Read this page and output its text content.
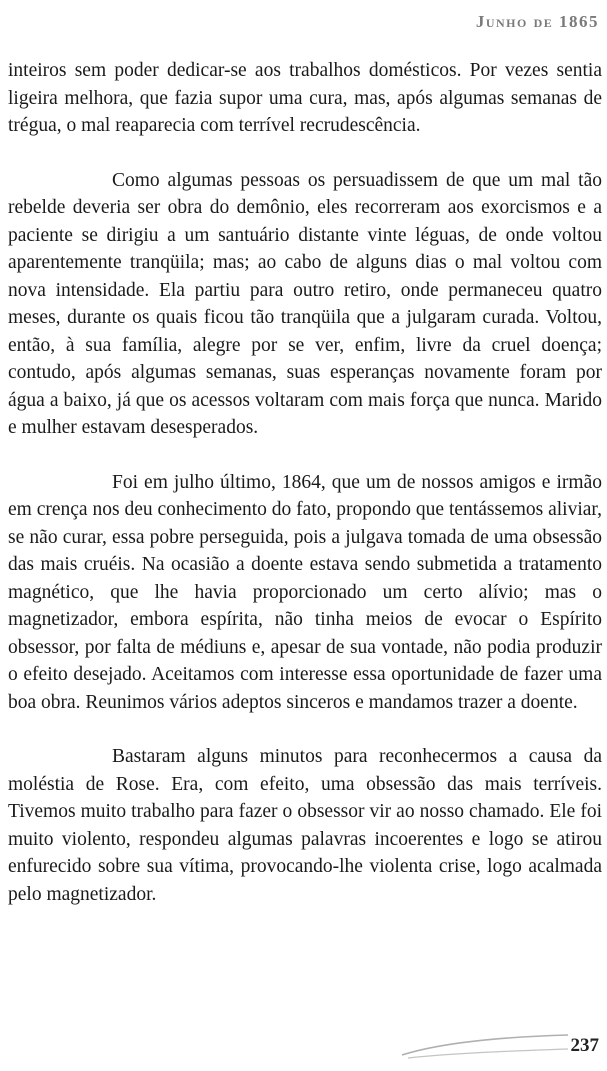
Junho de 1865

inteiros sem poder dedicar-se aos trabalhos domésticos. Por vezes sentia ligeira melhora, que fazia supor uma cura, mas, após algumas semanas de trégua, o mal reaparecia com terrível recrudescência.

Como algumas pessoas os persuadissem de que um mal tão rebelde deveria ser obra do demônio, eles recorreram aos exorcismos e a paciente se dirigiu a um santuário distante vinte léguas, de onde voltou aparentemente tranqüila; mas; ao cabo de alguns dias o mal voltou com nova intensidade. Ela partiu para outro retiro, onde permaneceu quatro meses, durante os quais ficou tão tranqüila que a julgaram curada. Voltou, então, à sua família, alegre por se ver, enfim, livre da cruel doença; contudo, após algumas semanas, suas esperanças novamente foram por água a baixo, já que os acessos voltaram com mais força que nunca. Marido e mulher estavam desesperados.

Foi em julho último, 1864, que um de nossos amigos e irmão em crença nos deu conhecimento do fato, propondo que tentássemos aliviar, se não curar, essa pobre perseguida, pois a julgava tomada de uma obsessão das mais cruéis. Na ocasião a doente estava sendo submetida a tratamento magnético, que lhe havia proporcionado um certo alívio; mas o magnetizador, embora espírita, não tinha meios de evocar o Espírito obsessor, por falta de médiuns e, apesar de sua vontade, não podia produzir o efeito desejado. Aceitamos com interesse essa oportunidade de fazer uma boa obra. Reunimos vários adeptos sinceros e mandamos trazer a doente.

Bastaram alguns minutos para reconhecermos a causa da moléstia de Rose. Era, com efeito, uma obsessão das mais terríveis. Tivemos muito trabalho para fazer o obsessor vir ao nosso chamado. Ele foi muito violento, respondeu algumas palavras incoerentes e logo se atirou enfurecido sobre sua vítima, provocando-lhe violenta crise, logo acalmada pelo magnetizador.

237
